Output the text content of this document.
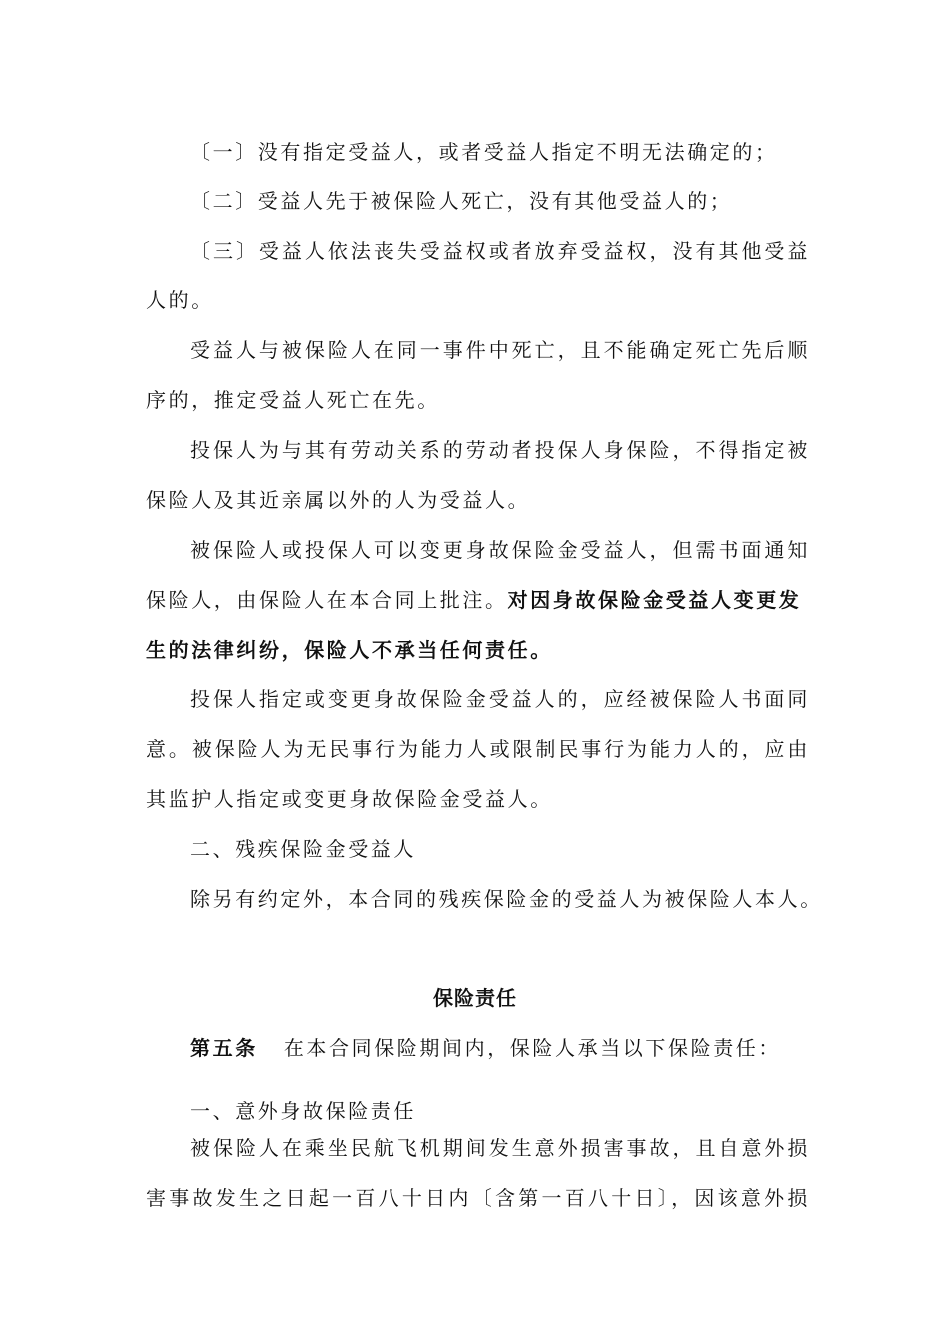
〔一〕没有指定受益人，或者受益人指定不明无法确定的；
〔二〕受益人先于被保险人死亡，没有其他受益人的；
〔三〕受益人依法丧失受益权或者放弃受益权，没有其他受益
人的。
受益人与被保险人在同一事件中死亡，且不能确定死亡先后顺
序的，推定受益人死亡在先。
投保人为与其有劳动关系的劳动者投保人身保险，不得指定被
保险人及其近亲属以外的人为受益人。
被保险人或投保人可以变更身故保险金受益人，但需书面通知
保险人，由保险人在本合同上批注。对因身故保险金受益人变更发
生的法律纠纷，保险人不承当任何责任。
投保人指定或变更身故保险金受益人的，应经被保险人书面同
意。被保险人为无民事行为能力人或限制民事行为能力人的，应由
其监护人指定或变更身故保险金受益人。
二、残疾保险金受益人
除另有约定外，本合同的残疾保险金的受益人为被保险人本人。
保险责任
第五条 在本合同保险期间内，保险人承当以下保险责任：
一、意外身故保险责任
被保险人在乘坐民航飞机期间发生意外损害事故，且自意外损
害事故发生之日起一百八十日内〔含第一百八十日〕，因该意外损
